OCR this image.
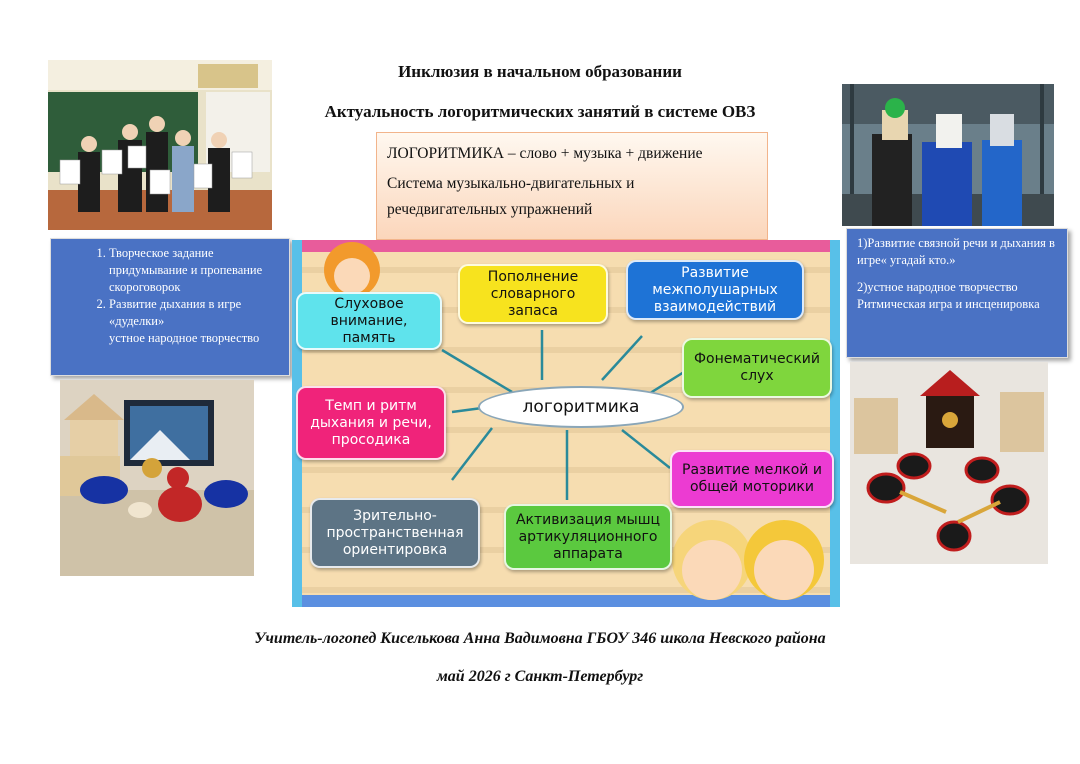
Инклюзия в начальном образовании
Актуальность логоритмических занятий в системе ОВЗ

ЛОГОРИТМИКА – слово + музыка + движение

Система музыкально-двигательных и речедвигательных упражнений

1. Творческое задание придумывание и пропевание скороговорок
2. Развитие дыхания в игре «дуделки»

устное народное творчество

1)Развитие связной речи и дыхания в игре« угадай кто.»

2)устное народное творчество Ритмическая игра и инсценировка

Слуховое внимание, память
Пополнение словарного запаса
Развитие межполушарных взаимодействий
Фонематический слух
Темп и ритм дыхания и речи, просодика
Развитие мелкой и общей моторики
Зрительно-пространственная ориентировка
Активизация мышц артикуляционного аппарата
логоритмика
Учитель-логопед Киселькова Анна Вадимовна ГБОУ 346 школа Невского района
май 2026 г Санкт-Петербург
